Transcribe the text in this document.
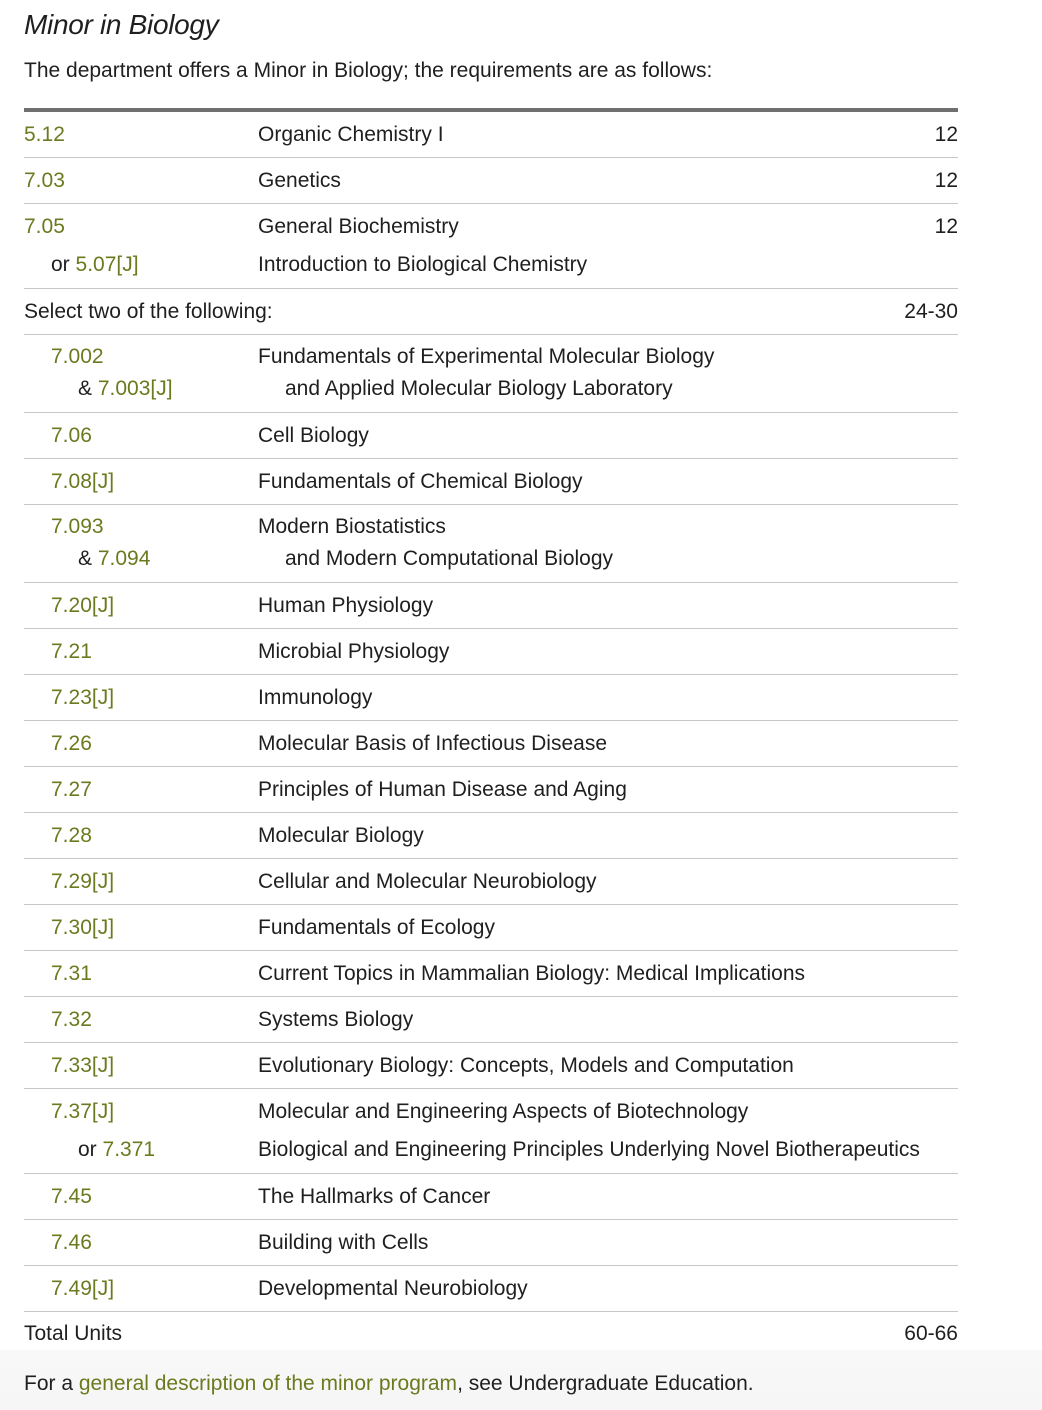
Minor in Biology

The department offers a Minor in Biology; the requirements are as follows:

5.12	Organic Chemistry I	12
7.03	Genetics	12
7.05	General Biochemistry	12
or 5.07[J]	Introduction to Biological Chemistry
Select two of the following:	24-30
7.002	Fundamentals of Experimental Molecular Biology
& 7.003[J]	and Applied Molecular Biology Laboratory
7.06	Cell Biology
7.08[J]	Fundamentals of Chemical Biology
7.093	Modern Biostatistics
& 7.094	and Modern Computational Biology
7.20[J]	Human Physiology
7.21	Microbial Physiology
7.23[J]	Immunology
7.26	Molecular Basis of Infectious Disease
7.27	Principles of Human Disease and Aging
7.28	Molecular Biology
7.29[J]	Cellular and Molecular Neurobiology
7.30[J]	Fundamentals of Ecology
7.31	Current Topics in Mammalian Biology: Medical Implications
7.32	Systems Biology
7.33[J]	Evolutionary Biology: Concepts, Models and Computation
7.37[J]	Molecular and Engineering Aspects of Biotechnology
or 7.371	Biological and Engineering Principles Underlying Novel Biotherapeutics
7.45	The Hallmarks of Cancer
7.46	Building with Cells
7.49[J]	Developmental Neurobiology
Total Units	60-66

For a general description of the minor program, see Undergraduate Education.
